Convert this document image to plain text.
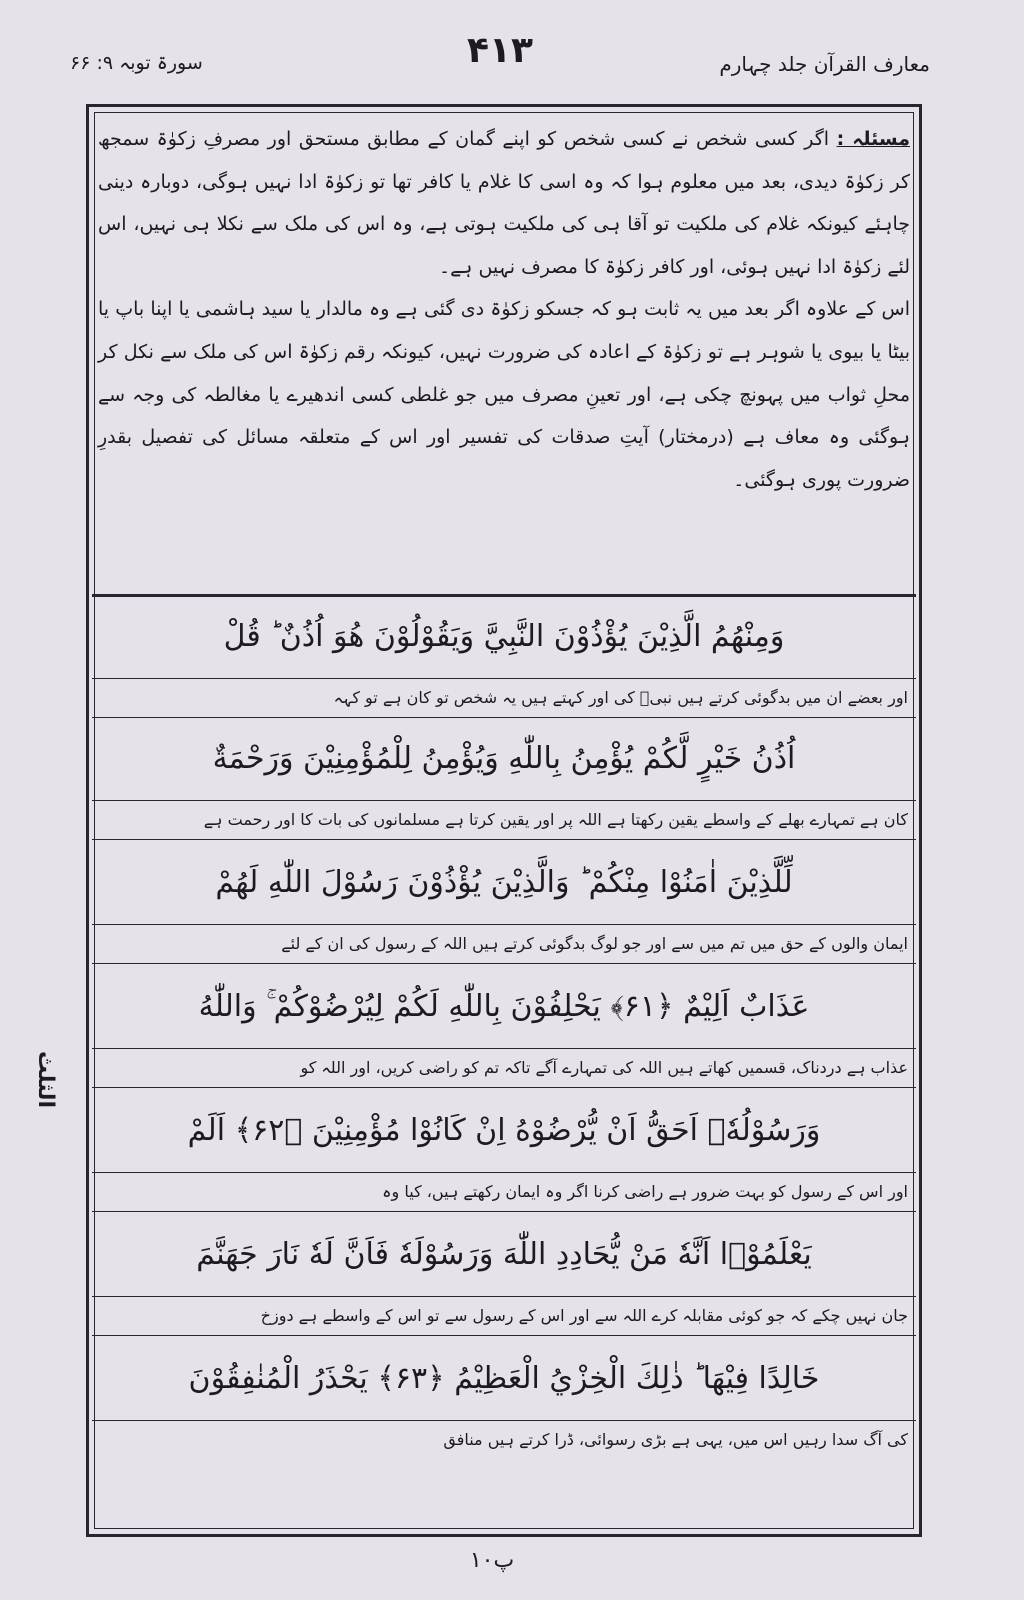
معارف القرآن جلد چہارم
۴۱۳
سورۃ توبہ ۹: ۶۶

مسئلہ : اگر کسی شخص نے کسی شخص کو اپنے گمان کے مطابق مستحق اور مصرفِ زکوٰۃ سمجھ کر زکوٰۃ دیدی، بعد میں معلوم ہوا کہ وہ اسی کا غلام یا کافر تھا تو زکوٰۃ ادا نہیں ہوگی، دوبارہ دینی چاہئے کیونکہ غلام کی ملکیت تو آقا ہی کی ملکیت ہوتی ہے، وہ اس کی ملک سے نکلا ہی نہیں، اس لئے زکوٰۃ ادا نہیں ہوئی، اور کافر زکوٰۃ کا مصرف نہیں ہے۔

اس کے علاوہ اگر بعد میں یہ ثابت ہو کہ جسکو زکوٰۃ دی گئی ہے وہ مالدار یا سید ہاشمی یا اپنا باپ یا بیٹا یا بیوی یا شوہر ہے تو زکوٰۃ کے اعادہ کی ضرورت نہیں، کیونکہ رقم زکوٰۃ اس کی ملک سے نکل کر محلِ ثواب میں پہونچ چکی ہے، اور تعینِ مصرف میں جو غلطی کسی اندھیرے یا مغالطہ کی وجہ سے ہوگئی وہ معاف ہے (درمختار) آیتِ صدقات کی تفسیر اور اس کے متعلقہ مسائل کی تفصیل بقدرِ ضرورت پوری ہوگئی۔

وَمِنْهُمُ الَّذِيْنَ يُؤْذُوْنَ النَّبِيَّ وَيَقُوْلُوْنَ هُوَ اُذُنٌ ؕ قُلْ
اور بعضے ان میں بدگوئی کرتے ہیں نبیؐ کی اور کہتے ہیں یہ شخص تو کان ہے تو کہہ
اُذُنُ خَيْرٍ لَّكُمْ يُؤْمِنُ بِاللّٰهِ وَيُؤْمِنُ لِلْمُؤْمِنِيْنَ وَرَحْمَةٌ
کان ہے تمہارے بھلے کے واسطے یقین رکھتا ہے اللہ پر اور یقین کرتا ہے مسلمانوں کی بات کا اور رحمت ہے
لِّلَّذِيْنَ اٰمَنُوْا مِنْكُمْ ؕ وَالَّذِيْنَ يُؤْذُوْنَ رَسُوْلَ اللّٰهِ لَهُمْ
ایمان والوں کے حق میں تم میں سے اور جو لوگ بدگوئی کرتے ہیں اللہ کے رسول کی ان کے لئے
عَذَابٌ اَلِيْمٌ ﴿۶۱﴾ يَحْلِفُوْنَ بِاللّٰهِ لَكُمْ لِيُرْضُوْكُمْ ۚ وَاللّٰهُ
عذاب ہے دردناک، قسمیں کھاتے ہیں اللہ کی تمہارے آگے تاکہ تم کو راضی کریں، اور اللہ کو
وَرَسُوْلُهٗۤ اَحَقُّ اَنْ يُّرْضُوْهُ اِنْ كَانُوْا مُؤْمِنِيْنَ ﴿۶۲﴾ اَلَمْ
اور اس کے رسول کو بہت ضرور ہے راضی کرنا اگر وہ ایمان رکھتے ہیں، کیا وہ
يَعْلَمُوْۤا اَنَّهٗ مَنْ يُّحَادِدِ اللّٰهَ وَرَسُوْلَهٗ فَاَنَّ لَهٗ نَارَ جَهَنَّمَ
جان نہیں چکے کہ جو کوئی مقابلہ کرے اللہ سے اور اس کے رسول سے تو اس کے واسطے ہے دوزخ
خَالِدًا فِيْهَا ؕ ذٰلِكَ الْخِزْيُ الْعَظِيْمُ ﴿۶۳﴾ يَحْذَرُ الْمُنٰفِقُوْنَ
کی آگ سدا رہیں اس میں، یہی ہے بڑی رسوائی، ڈرا کرتے ہیں منافق
الثلث
پ۱۰
